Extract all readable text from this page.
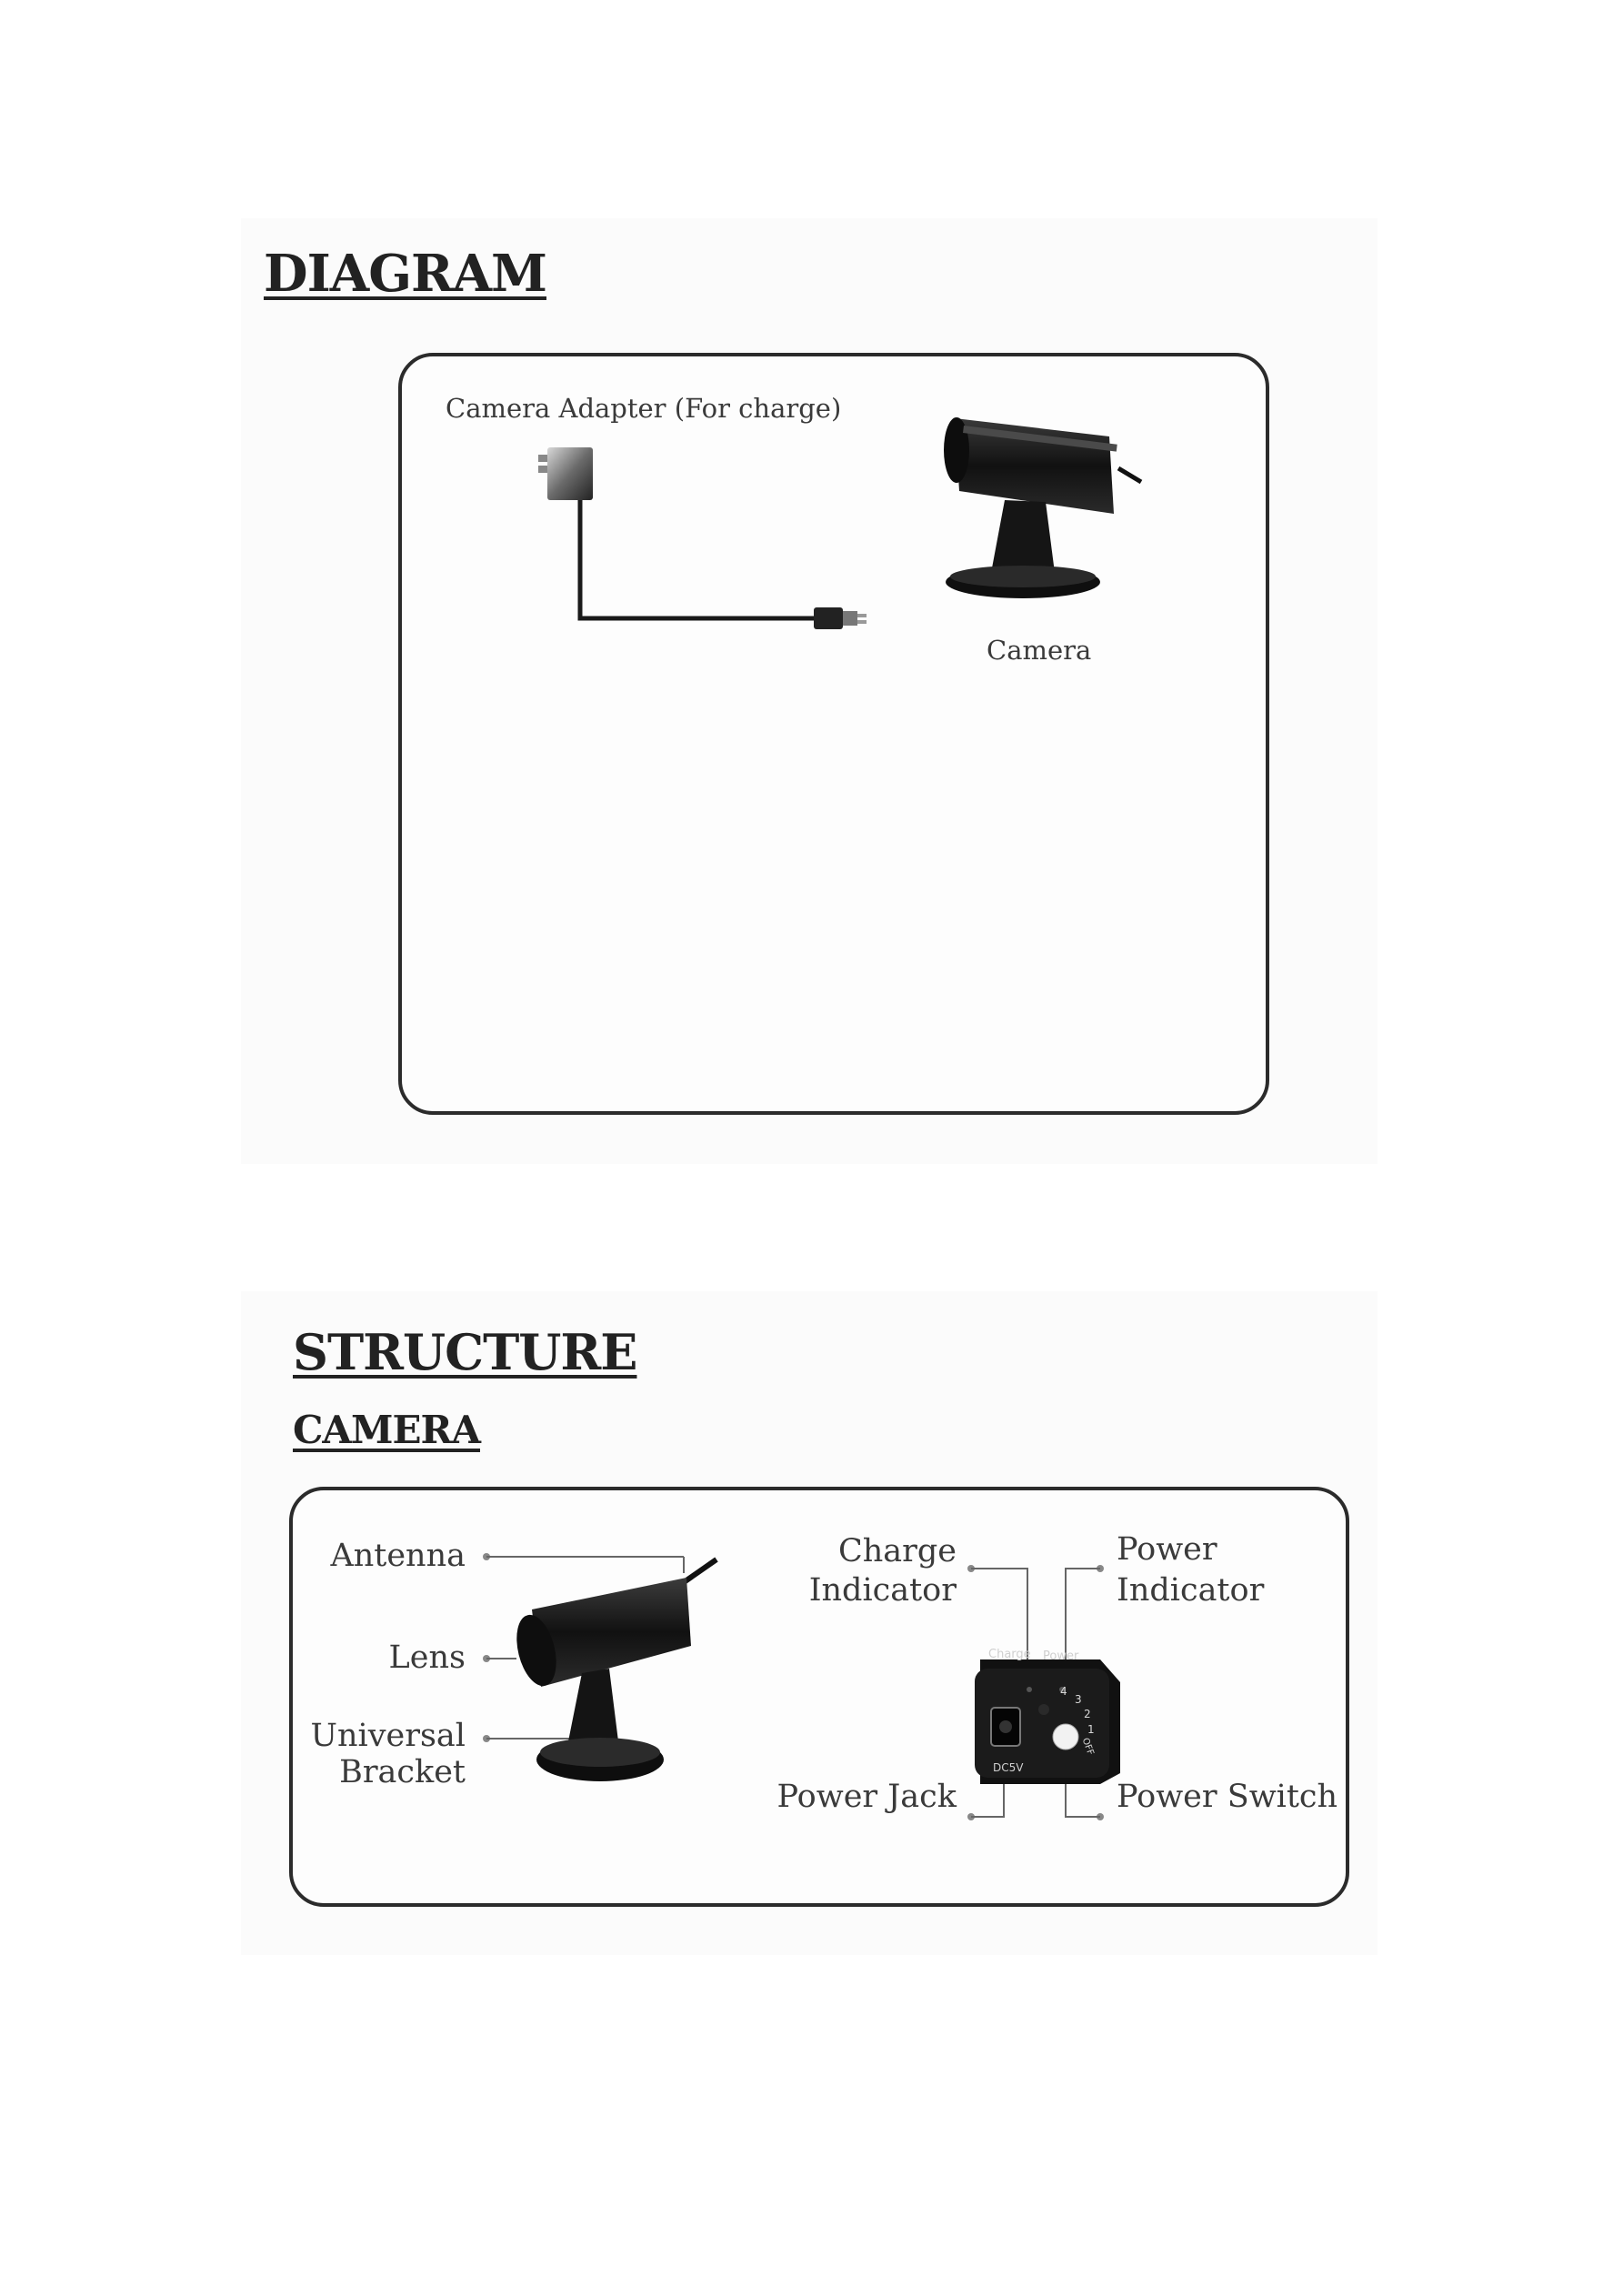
DIAGRAM
Camera Adapter (For charge)
Camera
STRUCTURE
CAMERA
Antenna
Lens
Universal
Bracket
Charge
Indicator
Power
Indicator
Power Jack	Power Switch
Charge Power
DC5V
4
3
2
1
OFF
